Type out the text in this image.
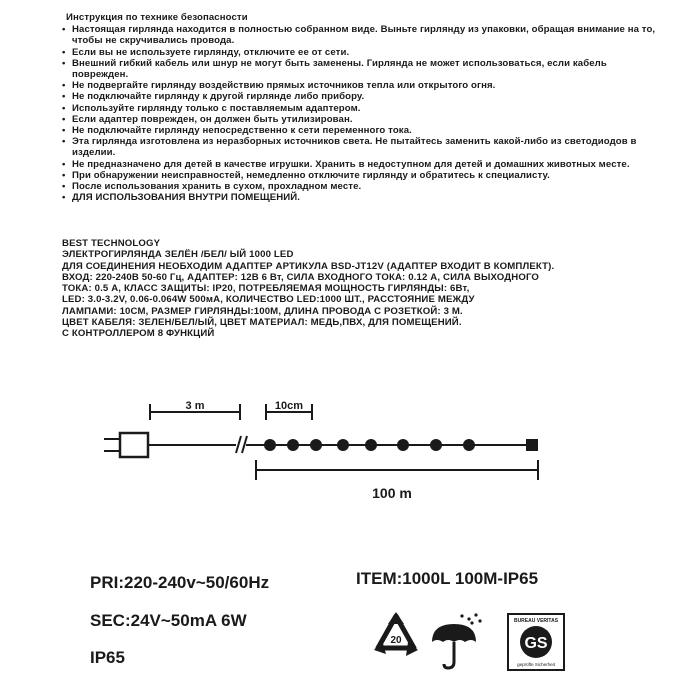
Инструкция по технике безопасности
• Настоящая гирлянда находится в полностью собранном виде. Выньте гирлянду из упаковки, обращая внимание на то, чтобы не скручивались провода.
• Если вы не используете гирлянду, отключите ее от сети.
• Внешний гибкий кабель или шнур не могут быть заменены. Гирлянда не может использоваться, если кабель поврежден.
• Не подвергайте гирлянду воздействию прямых источников тепла или открытого огня.
• Не подключайте гирлянду к другой гирлянде либо прибору.
• Используйте гирлянду только с поставляемым адаптером.
• Если адаптер поврежден, он должен быть утилизирован.
• Не подключайте гирлянду непосредственно к сети переменного тока.
• Эта гирлянда изготовлена из неразборных источников света. Не пытайтесь заменить какой-либо из светодиодов в изделии.
• Не предназначено для детей в качестве игрушки. Хранить в недоступном для детей и домашних животных месте.
• При обнаружении неисправностей, немедленно отключите гирлянду и обратитесь к специалисту.
• После использования хранить в сухом, прохладном месте.
• ДЛЯ ИСПОЛЬЗОВАНИЯ ВНУТРИ ПОМЕЩЕНИЙ.
BEST TECHNOLOGY
ЭЛЕКТРОГИРЛЯНДА ЗЕЛЁН /БЕЛ/ ЫЙ 1000 LED
ДЛЯ СОЕДИНЕНИЯ НЕОБХОДИМ АДАПТЕР АРТИКУЛА BSD-JT12V (АДАПТЕР ВХОДИТ В КОМПЛЕКТ).
ВХОД: 220-240В 50-60 Гц, АДАПТЕР: 12В 6 Вт, СИЛА ВХОДНОГО ТОКА: 0.12 А, СИЛА ВЫХОДНОГО
ТОКА: 0.5 А, КЛАСС ЗАЩИТЫ: IP20, ПОТРЕБЛЯЕМАЯ МОЩНОСТЬ ГИРЛЯНДЫ: 6Вт,
LED: 3.0-3.2V, 0.06-0.064W 500мА, КОЛИЧЕСТВО LED:1000 ШТ., РАССТОЯНИЕ МЕЖДУ
ЛАМПАМИ: 10СМ, РАЗМЕР ГИРЛЯНДЫ:100М, ДЛИНА ПРОВОДА С РОЗЕТКОЙ: 3 М.
ЦВЕТ КАБЕЛЯ: ЗЕЛЕН/БЕЛ/ЫЙ, ЦВЕТ МАТЕРИАЛ: МЕДЬ,ПВХ, ДЛЯ ПОМЕЩЕНИЙ.
С КОНТРОЛЛЕРОМ 8 ФУНКЦИЙ
3 m	10cm
100 m
PRI:220-240v~50/60Hz
SEC:24V~50mA 6W
IP65
ITEM:1000L 100M-IP65
20
BUREAU VERITAS
GS
geprüfte Sicherheit
